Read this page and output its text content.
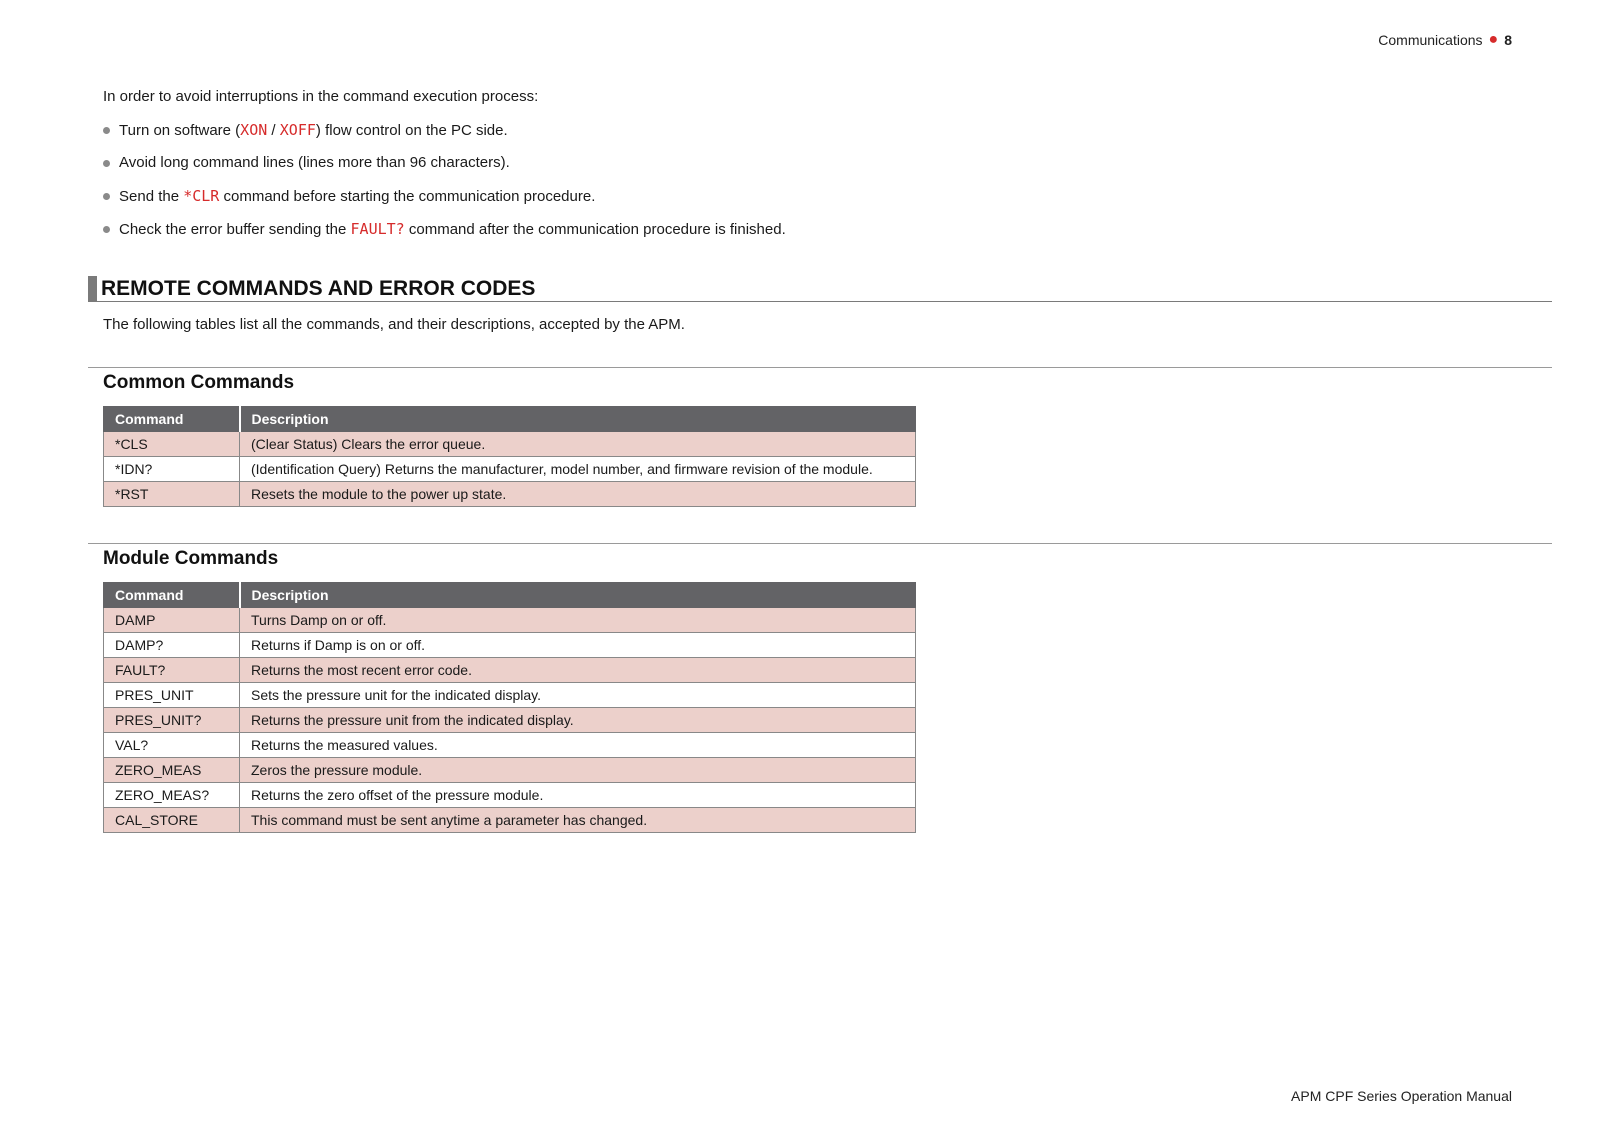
Communications ● 8
In order to avoid interruptions in the command execution process:
Turn on software (XON / XOFF) flow control on the PC side.
Avoid long command lines (lines more than 96 characters).
Send the *CLR command before starting the communication procedure.
Check the error buffer sending the FAULT? command after the communication procedure is finished.
REMOTE COMMANDS AND ERROR CODES
The following tables list all the commands, and their descriptions, accepted by the APM.
Common Commands
Command	Description
*CLS	(Clear Status) Clears the error queue.
*IDN?	(Identification Query) Returns the manufacturer, model number, and firmware revision of the module.
*RST	Resets the module to the power up state.
Module Commands
Command	Description
DAMP	Turns Damp on or off.
DAMP?	Returns if Damp is on or off.
FAULT?	Returns the most recent error code.
PRES_UNIT	Sets the pressure unit for the indicated display.
PRES_UNIT?	Returns the pressure unit from the indicated display.
VAL?	Returns the measured values.
ZERO_MEAS	Zeros the pressure module.
ZERO_MEAS?	Returns the zero offset of the pressure module.
CAL_STORE	This command must be sent anytime a parameter has changed.
APM CPF Series Operation Manual
